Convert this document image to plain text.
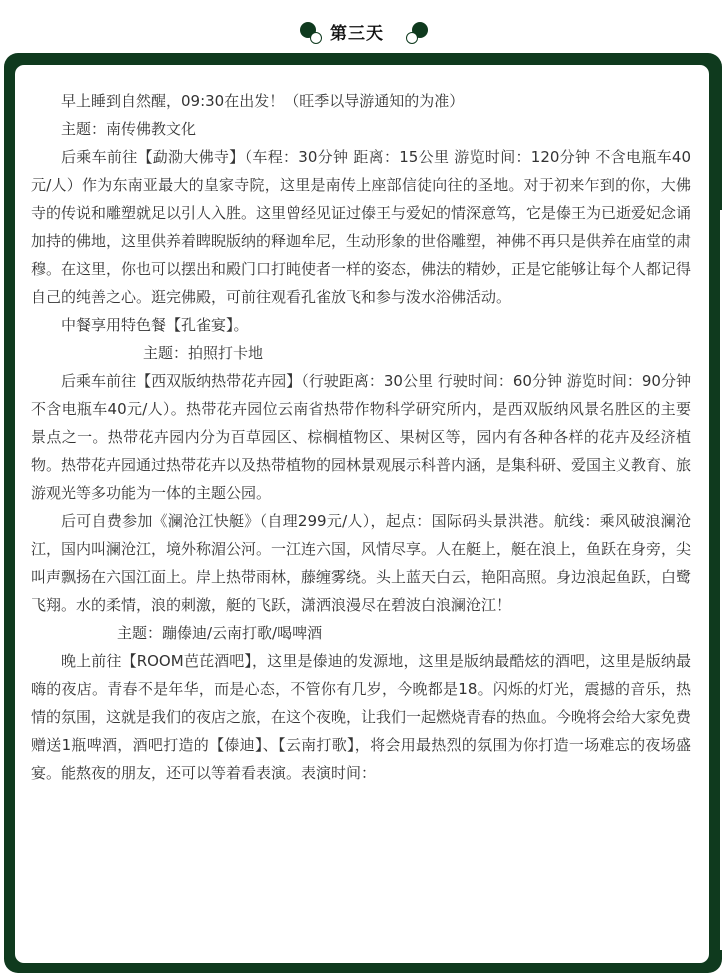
第三天

早上睡到自然醒，09:30在出发！（旺季以导游通知的为准）

主题：南传佛教文化

后乘车前往【勐泐大佛寺】（车程：30分钟 距离：15公里 游览时间：120分钟 不含电瓶车40元/人）作为东南亚最大的皇家寺院，这里是南传上座部信徒向往的圣地。对于初来乍到的你，大佛寺的传说和雕塑就足以引人入胜。这里曾经见证过傣王与爱妃的情深意笃，它是傣王为已逝爱妃念诵加持的佛地，这里供养着睥睨版纳的释迦牟尼，生动形象的世俗雕塑，神佛不再只是供养在庙堂的肃穆。在这里，你也可以摆出和殿门口打盹使者一样的姿态，佛法的精妙，正是它能够让每个人都记得自己的纯善之心。逛完佛殿，可前往观看孔雀放飞和参与泼水浴佛活动。

中餐享用特色餐【孔雀宴】。

主题：拍照打卡地

后乘车前往【西双版纳热带花卉园】（行驶距离：30公里 行驶时间：60分钟 游览时间：90分钟 不含电瓶车40元/人）。热带花卉园位云南省热带作物科学研究所内，是西双版纳风景名胜区的主要景点之一。热带花卉园内分为百草园区、棕榈植物区、果树区等，园内有各种各样的花卉及经济植物。热带花卉园通过热带花卉以及热带植物的园林景观展示科普内涵，是集科研、爱国主义教育、旅游观光等多功能为一体的主题公园。

后可自费参加《澜沧江快艇》（自理299元/人），起点：国际码头景洪港。航线：乘风破浪澜沧江，国内叫澜沧江，境外称湄公河。一江连六国，风情尽享。人在艇上，艇在浪上，鱼跃在身旁，尖叫声飘扬在六国江面上。岸上热带雨林，藤缠雾绕。头上蓝天白云，艳阳高照。身边浪起鱼跃，白鹭飞翔。水的柔情，浪的刺激，艇的飞跃，潇洒浪漫尽在碧波白浪澜沧江！

主题：蹦傣迪/云南打歌/喝啤酒

晚上前往【ROOM芭芘酒吧】，这里是傣迪的发源地，这里是版纳最酷炫的酒吧，这里是版纳最嗨的夜店。青春不是年华，而是心态，不管你有几岁，今晚都是18。闪烁的灯光，震撼的音乐，热情的氛围，这就是我们的夜店之旅，在这个夜晚，让我们一起燃烧青春的热血。今晚将会给大家免费赠送1瓶啤酒，酒吧打造的【傣迪】、【云南打歌】，将会用最热烈的氛围为你打造一场难忘的夜场盛宴。能熬夜的朋友，还可以等着看表演。表演时间：
